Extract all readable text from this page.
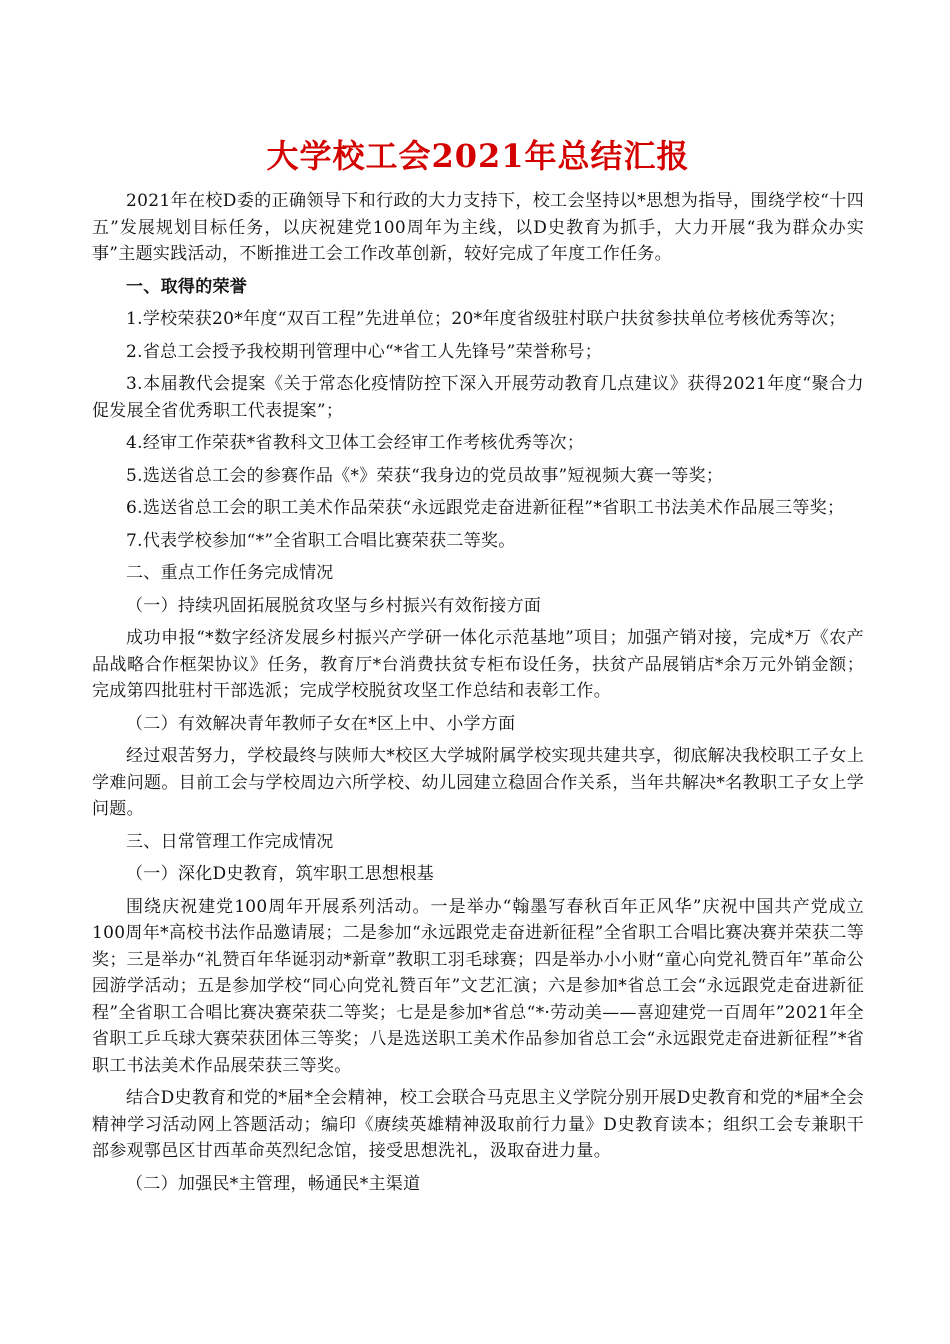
大学校工会2021年总结汇报

2021年在校D委的正确领导下和行政的大力支持下，校工会坚持以*思想为指导，围绕学校“十四五”发展规划目标任务，以庆祝建党100周年为主线，以D史教育为抓手，大力开展“我为群众办实事”主题实践活动，不断推进工会工作改革创新，较好完成了年度工作任务。

一、取得的荣誉

1.学校荣获20*年度“双百工程”先进单位；20*年度省级驻村联户扶贫参扶单位考核优秀等次；

2.省总工会授予我校期刊管理中心“*省工人先锋号”荣誉称号；

3.本届教代会提案《关于常态化疫情防控下深入开展劳动教育几点建议》获得2021年度“聚合力促发展全省优秀职工代表提案”；

4.经审工作荣获*省教科文卫体工会经审工作考核优秀等次；

5.选送省总工会的参赛作品《*》荣获“我身边的党员故事”短视频大赛一等奖；

6.选送省总工会的职工美术作品荣获“永远跟党走奋进新征程”*省职工书法美术作品展三等奖；

7.代表学校参加“*”全省职工合唱比赛荣获二等奖。

二、重点工作任务完成情况

（一）持续巩固拓展脱贫攻坚与乡村振兴有效衔接方面

成功申报“*数字经济发展乡村振兴产学研一体化示范基地”项目；加强产销对接，完成*万《农产品战略合作框架协议》任务，教育厅*台消费扶贫专柜布设任务，扶贫产品展销店*余万元外销金额；完成第四批驻村干部选派；完成学校脱贫攻坚工作总结和表彰工作。

（二）有效解决青年教师子女在*区上中、小学方面

经过艰苦努力，学校最终与陕师大*校区大学城附属学校实现共建共享，彻底解决我校职工子女上学难问题。目前工会与学校周边六所学校、幼儿园建立稳固合作关系，当年共解决*名教职工子女上学问题。

三、日常管理工作完成情况

（一）深化D史教育，筑牢职工思想根基

围绕庆祝建党100周年开展系列活动。一是举办“翰墨写春秋百年正风华”庆祝中国共产党成立100周年*高校书法作品邀请展；二是参加“永远跟党走奋进新征程”全省职工合唱比赛决赛并荣获二等奖；三是举办“礼赞百年华诞羽动*新章”教职工羽毛球赛；四是举办小小财“童心向党礼赞百年”革命公园游学活动；五是参加学校“同心向党礼赞百年”文艺汇演；六是参加*省总工会“永远跟党走奋进新征程”全省职工合唱比赛决赛荣获二等奖；七是是参加*省总“*·劳动美——喜迎建党一百周年”2021年全省职工乒乓球大赛荣获团体三等奖；八是选送职工美术作品参加省总工会“永远跟党走奋进新征程”*省职工书法美术作品展荣获三等奖。

结合D史教育和党的*届*全会精神，校工会联合马克思主义学院分别开展D史教育和党的*届*全会精神学习活动网上答题活动；编印《赓续英雄精神汲取前行力量》D史教育读本；组织工会专兼职干部参观鄠邑区甘西革命英烈纪念馆，接受思想洗礼，汲取奋进力量。

（二）加强民*主管理，畅通民*主渠道
